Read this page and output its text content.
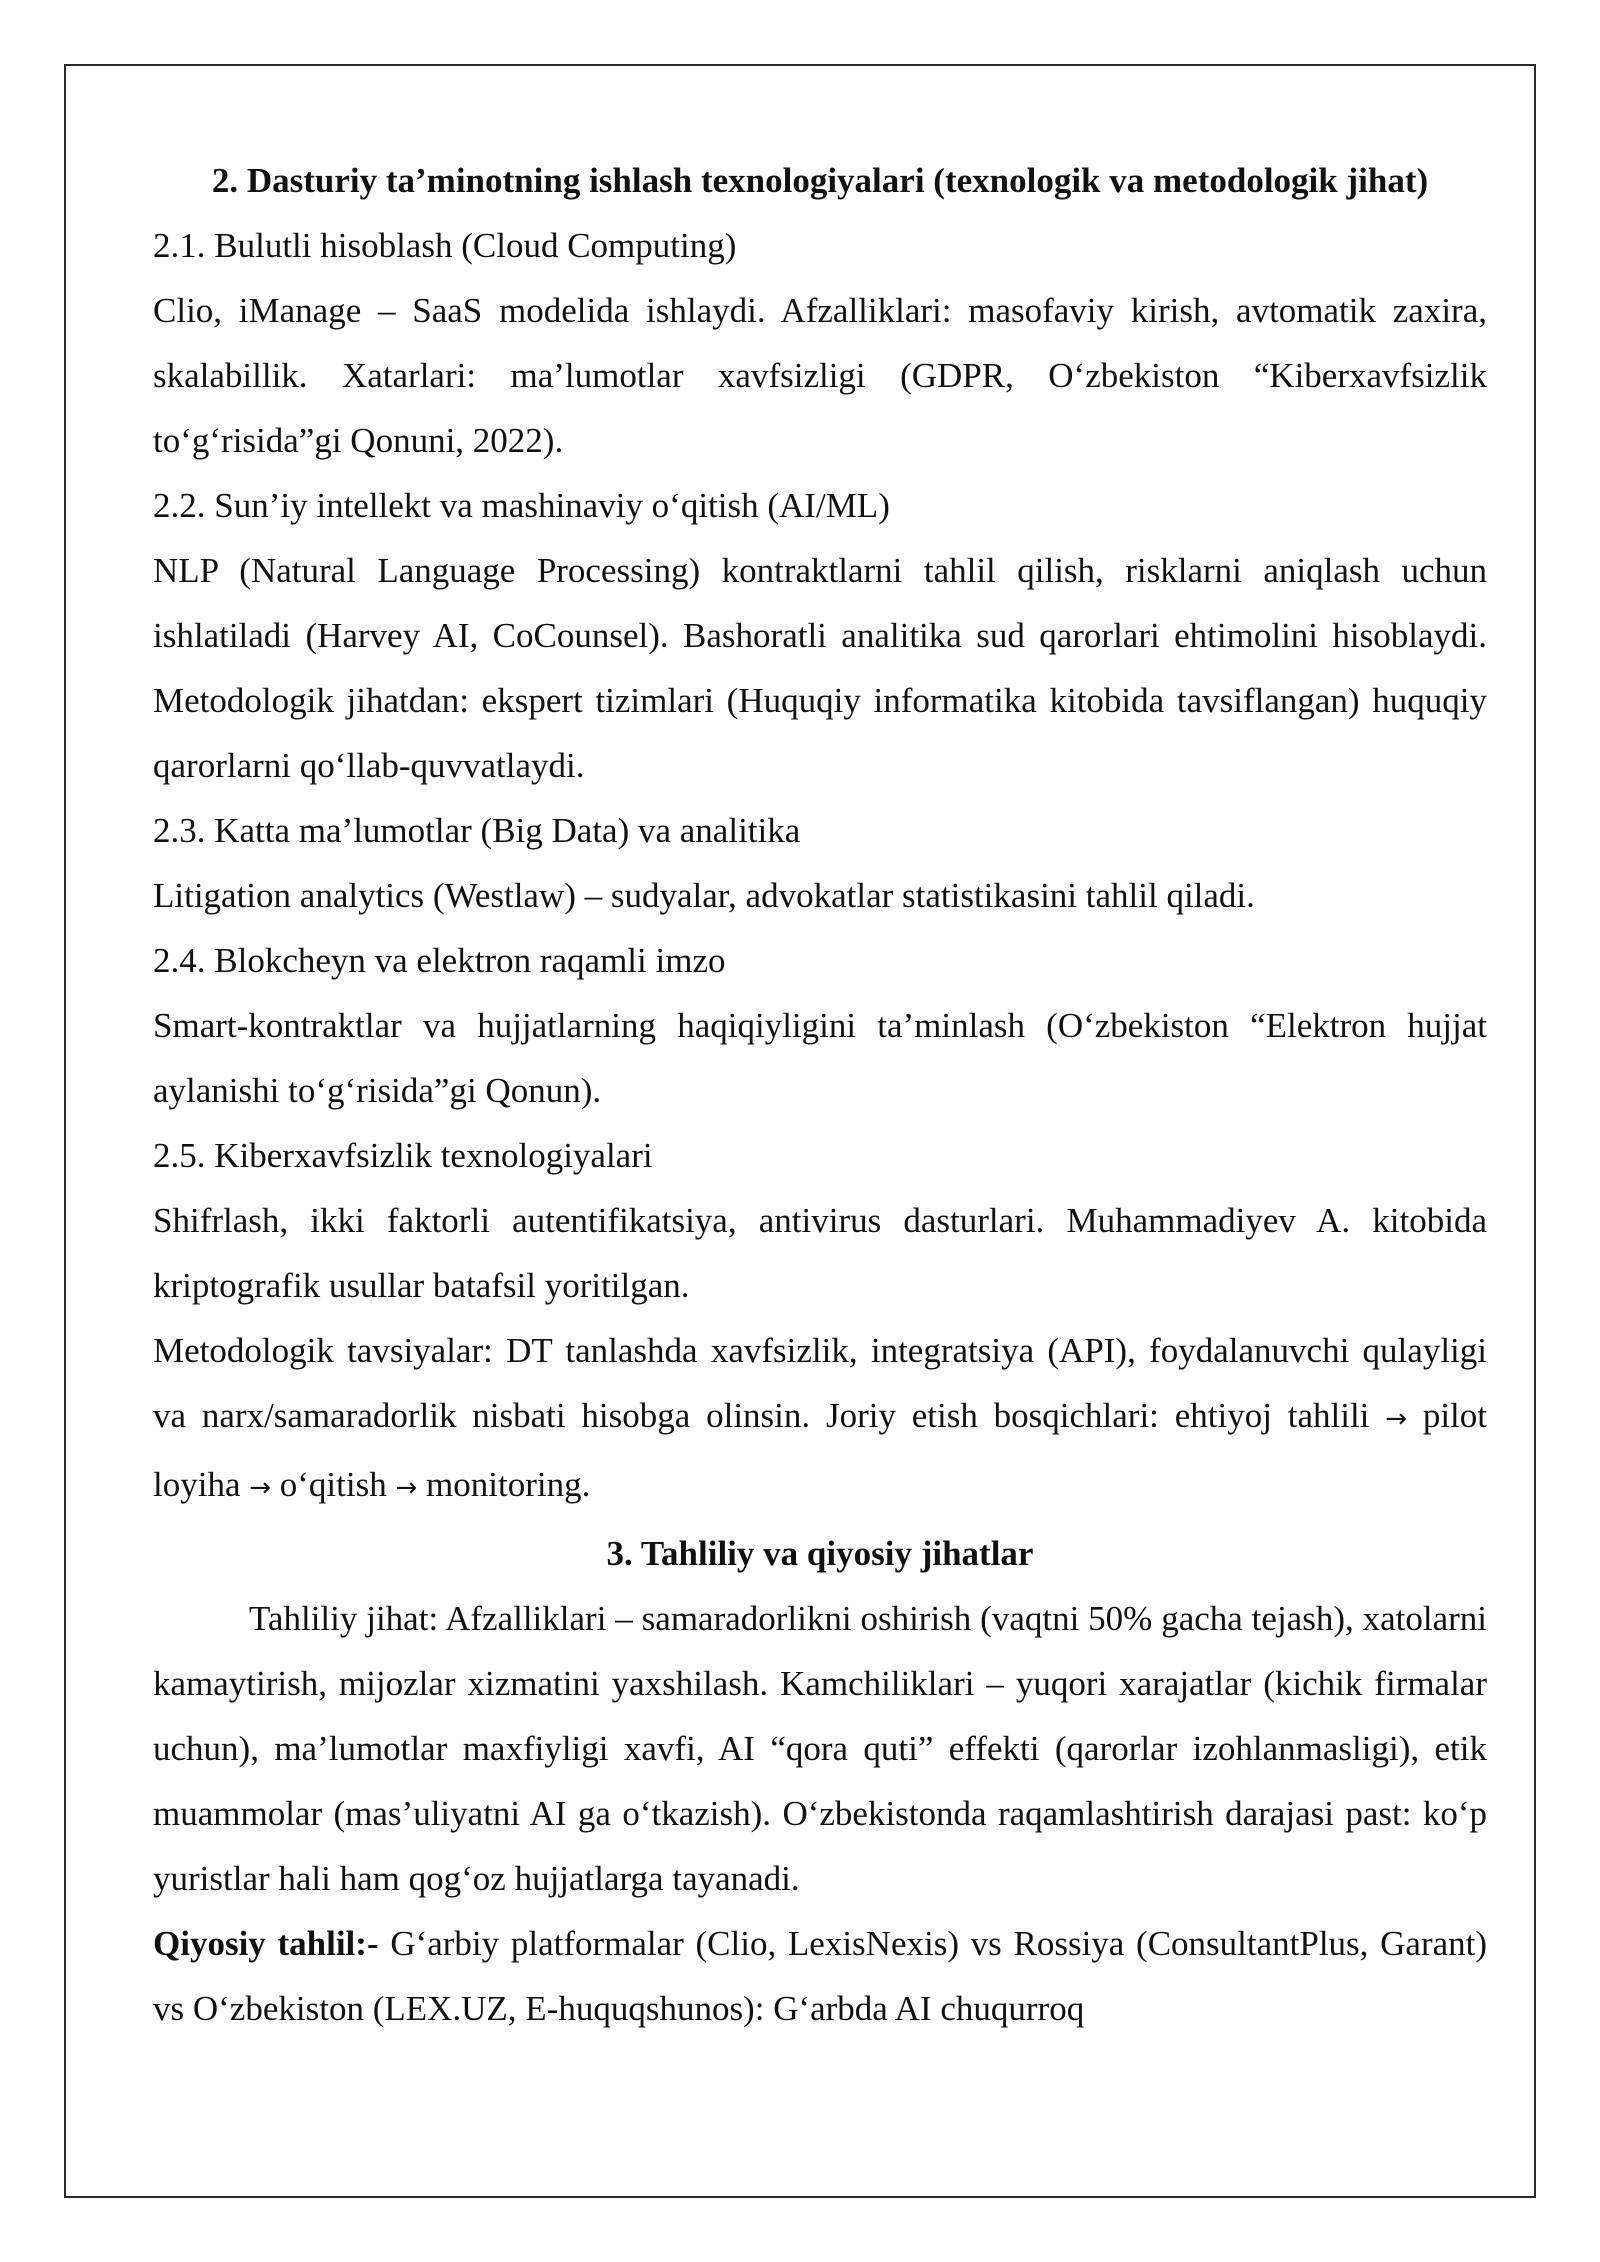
2. Dasturiy ta’minotning ishlash texnologiyalari (texnologik va metodologik jihat)

2.1. Bulutli hisoblash (Cloud Computing)

Clio, iManage – SaaS modelida ishlaydi. Afzalliklari: masofaviy kirish, avtomatik zaxira, skalabillik. Xatarlari: ma’lumotlar xavfsizligi (GDPR, O‘zbekiston “Kiberxavfsizlik to‘g‘risida”gi Qonuni, 2022).

2.2. Sun’iy intellekt va mashinaviy o‘qitish (AI/ML)

NLP (Natural Language Processing) kontraktlarni tahlil qilish, risklarni aniqlash uchun ishlatiladi (Harvey AI, CoCounsel). Bashoratli analitika sud qarorlari ehtimolini hisoblaydi. Metodologik jihatdan: ekspert tizimlari (Huquqiy informatika kitobida tavsiflangan) huquqiy qarorlarni qo‘llab-quvvatlaydi.

2.3. Katta ma’lumotlar (Big Data) va analitika

Litigation analytics (Westlaw) – sudyalar, advokatlar statistikasini tahlil qiladi.

2.4. Blokcheyn va elektron raqamli imzo

Smart-kontraktlar va hujjatlarning haqiqiyligini ta’minlash (O‘zbekiston “Elektron hujjat aylanishi to‘g‘risida”gi Qonun).

2.5. Kiberxavfsizlik texnologiyalari

Shifrlash, ikki faktorli autentifikatsiya, antivirus dasturlari. Muhammadiyev A. kitobida kriptografik usullar batafsil yoritilgan.

Metodologik tavsiyalar: DT tanlashda xavfsizlik, integratsiya (API), foydalanuvchi qulayligi va narx/samaradorlik nisbati hisobga olinsin. Joriy etish bosqichlari: ehtiyoj tahlili → pilot loyiha → o‘qitish → monitoring.

3. Tahliliy va qiyosiy jihatlar

Tahliliy jihat: Afzalliklari – samaradorlikni oshirish (vaqtni 50% gacha tejash), xatolarni kamaytirish, mijozlar xizmatini yaxshilash. Kamchiliklari – yuqori xarajatlar (kichik firmalar uchun), ma’lumotlar maxfiyligi xavfi, AI “qora quti” effekti (qarorlar izohlanmasligi), etik muammolar (mas’uliyatni AI ga o‘tkazish). O‘zbekistonda raqamlashtirish darajasi past: ko‘p yuristlar hali ham qog‘oz hujjatlarga tayanadi.

Qiyosiy tahlil:- G‘arbiy platformalar (Clio, LexisNexis) vs Rossiya (ConsultantPlus, Garant) vs O‘zbekiston (LEX.UZ, E-huquqshunos): G‘arbda AI chuqurroq
